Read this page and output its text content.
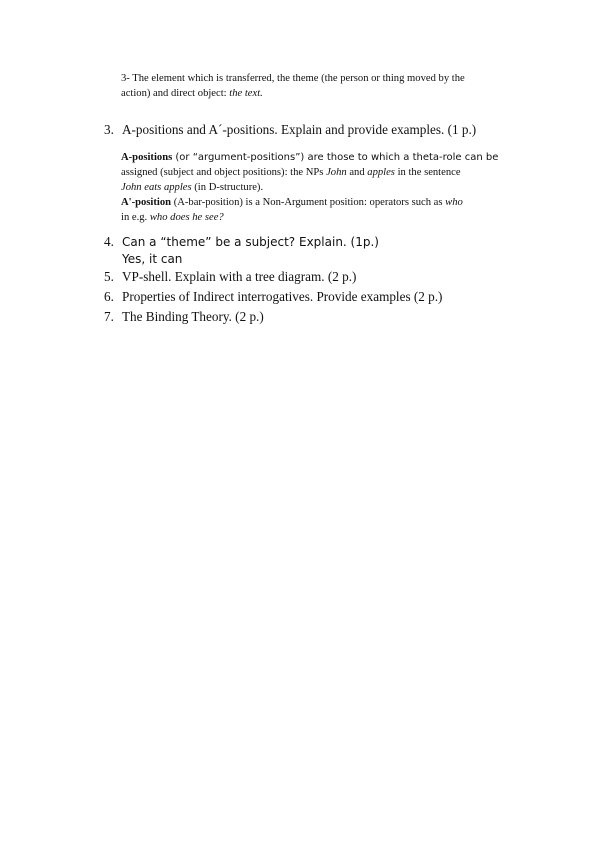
3- The element which is transferred, the theme (the person or thing moved by the
action) and direct object: the text.
3. A-positions and A´-positions. Explain and provide examples. (1 p.)
A-positions (or “argument-positions”) are those to which a theta-role can be
assigned (subject and object positions): the NPs John and apples in the sentence
John eats apples (in D-structure).
A'-position (A-bar-position) is a Non-Argument position: operators such as who
in e.g. who does he see?
4. Can a “theme” be a subject? Explain. (1p.)
Yes, it can
5. VP-shell. Explain with a tree diagram. (2 p.)
6. Properties of Indirect interrogatives. Provide examples (2 p.)
7. The Binding Theory. (2 p.)
